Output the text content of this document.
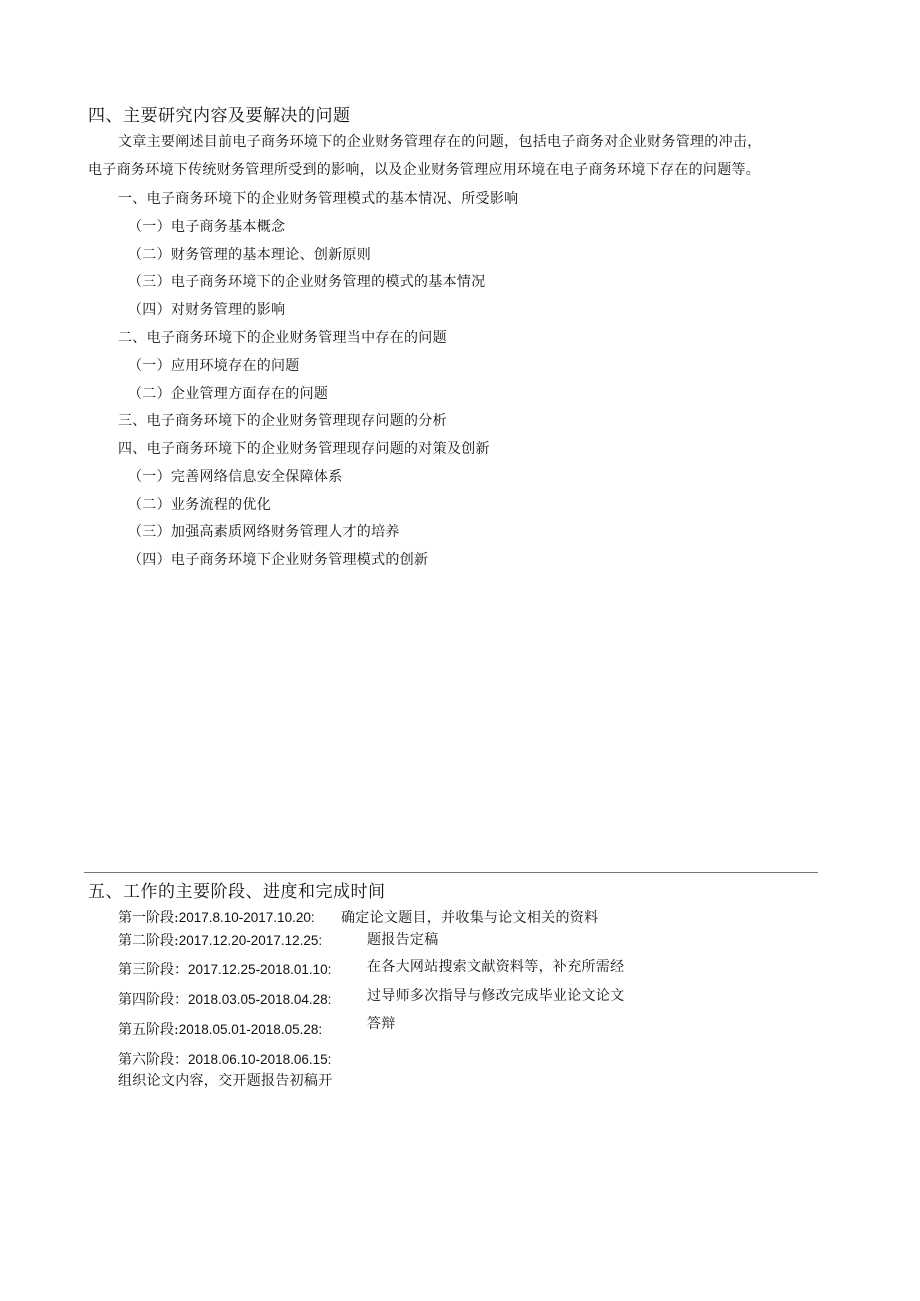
四、主要研究内容及要解决的问题
文章主要阐述目前电子商务环境下的企业财务管理存在的问题，包括电子商务对企业财务管理的冲击，
电子商务环境下传统财务管理所受到的影响，以及企业财务管理应用环境在电子商务环境下存在的问题等。
一、电子商务环境下的企业财务管理模式的基本情况、所受影响
（一）电子商务基本概念
（二）财务管理的基本理论、创新原则
（三）电子商务环境下的企业财务管理的模式的基本情况
（四）对财务管理的影响
二、电子商务环境下的企业财务管理当中存在的问题
（一）应用环境存在的问题
（二）企业管理方面存在的问题
三、电子商务环境下的企业财务管理现存问题的分析
四、电子商务环境下的企业财务管理现存问题的对策及创新
（一）完善网络信息安全保障体系
（二）业务流程的优化
（三）加强高素质网络财务管理人才的培养
（四）电子商务环境下企业财务管理模式的创新
五、工作的主要阶段、进度和完成时间
第一阶段:2017.8.10-2017.10.20:
第二阶段:2017.12.20-2017.12.25:
第三阶段：2017.12.25-2018.01.10:
第四阶段：2018.03.05-2018.04.28:
第五阶段:2018.05.01-2018.05.28:
第六阶段：2018.06.10-2018.06.15:
确定论文题目，并收集与论文相关的资料
题报告定稿
在各大网站搜索文献资料等，补充所需经
过导师多次指导与修改完成毕业论文论文
答辩
组织论文内容，交开题报告初稿开
